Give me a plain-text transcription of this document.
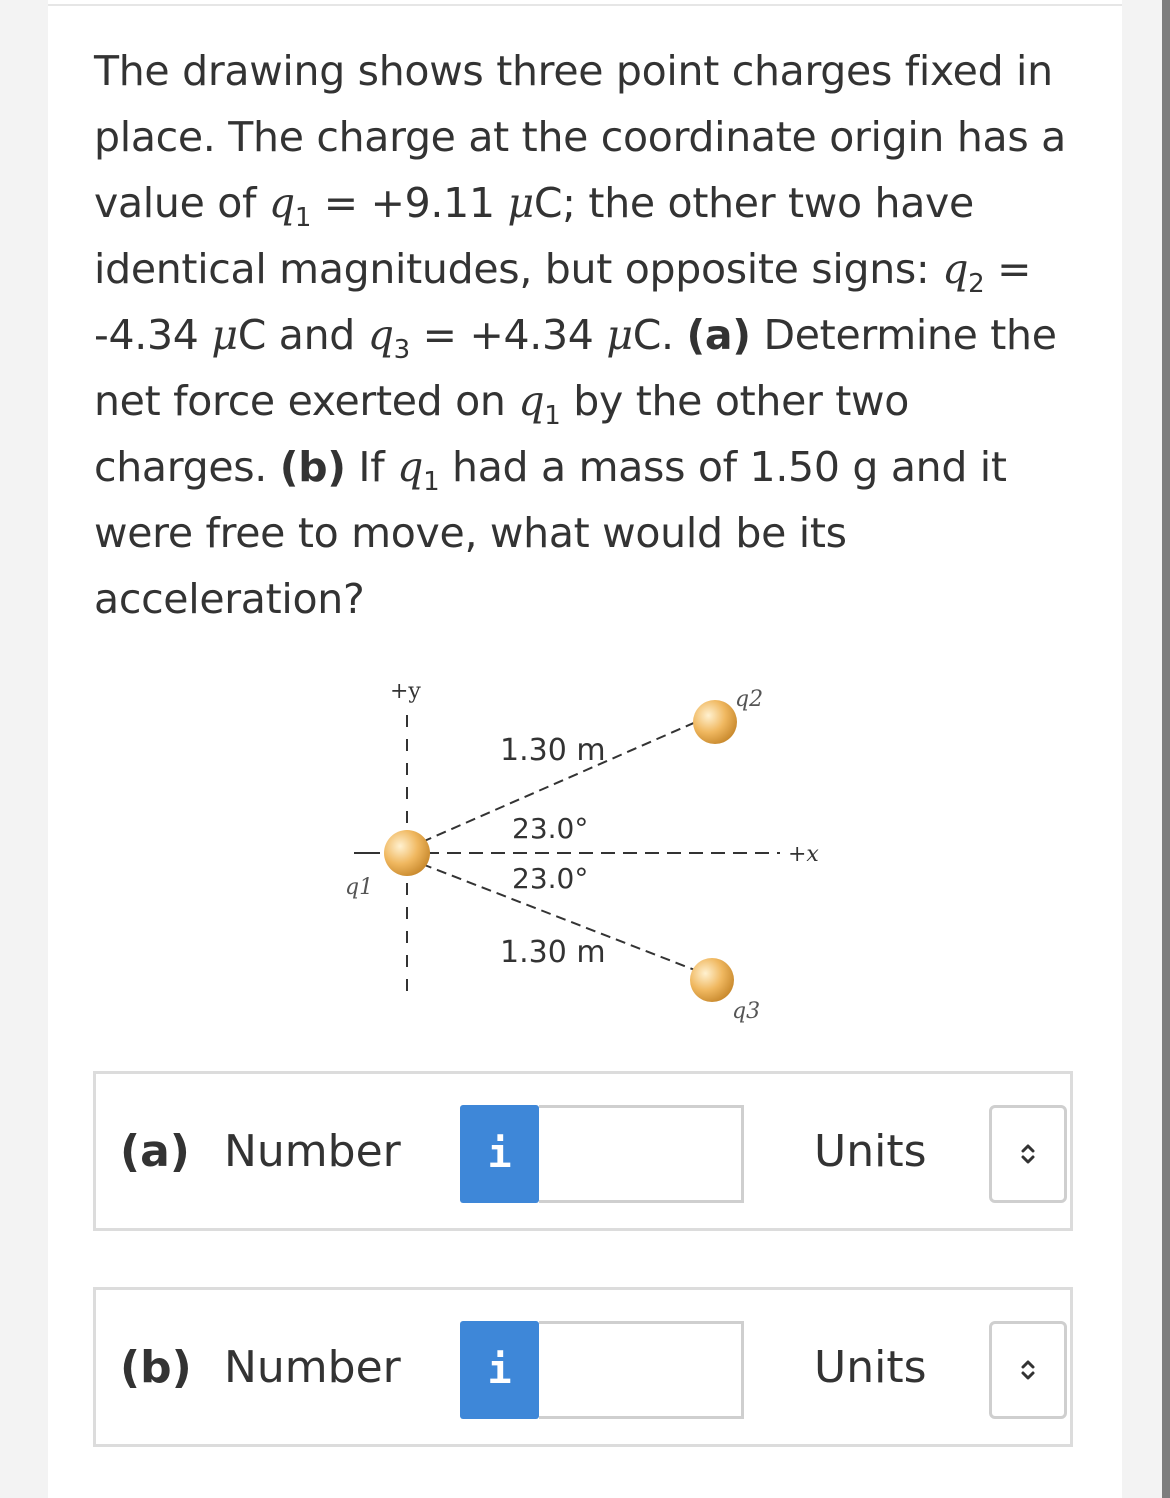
The drawing shows three point charges fixed in place. The charge at the coordinate origin has a value of $q_1 = +9.11$ μC; the other two have identical magnitudes, but opposite signs: $q_2 = -4.34$ μC and $q_3 = +4.34$ μC. (a) Determine the net force exerted on $q_1$ by the other two charges. (b) If $q_1$ had a mass of 1.50 g and it were free to move, what would be its acceleration?
+y
+x
q1
q2
q3
1.30 m
1.30 m
23.0°
23.0°
(a) Number i	Units
(b) Number i	Units
